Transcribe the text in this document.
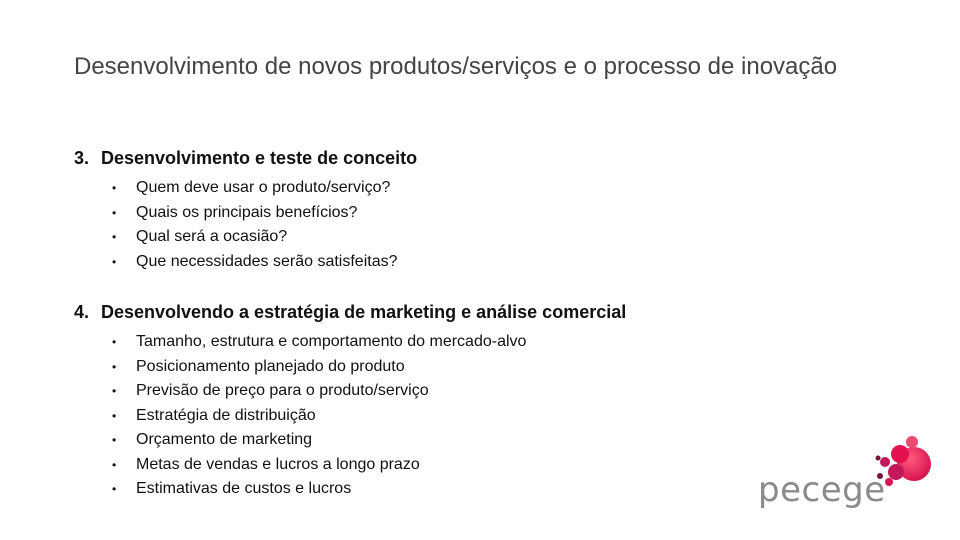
Desenvolvimento de novos produtos/serviços e o processo de inovação

3. Desenvolvimento e teste de conceito

• Quem deve usar o produto/serviço?
• Quais os principais benefícios?
• Qual será a ocasião?
• Que necessidades serão satisfeitas?

4. Desenvolvendo a estratégia de marketing e análise comercial

• Tamanho, estrutura e comportamento do mercado-alvo
• Posicionamento planejado do produto
• Previsão de preço para o produto/serviço
• Estratégia de distribuição
• Orçamento de marketing
• Metas de vendas e lucros a longo prazo
• Estimativas de custos e lucros	pecege
